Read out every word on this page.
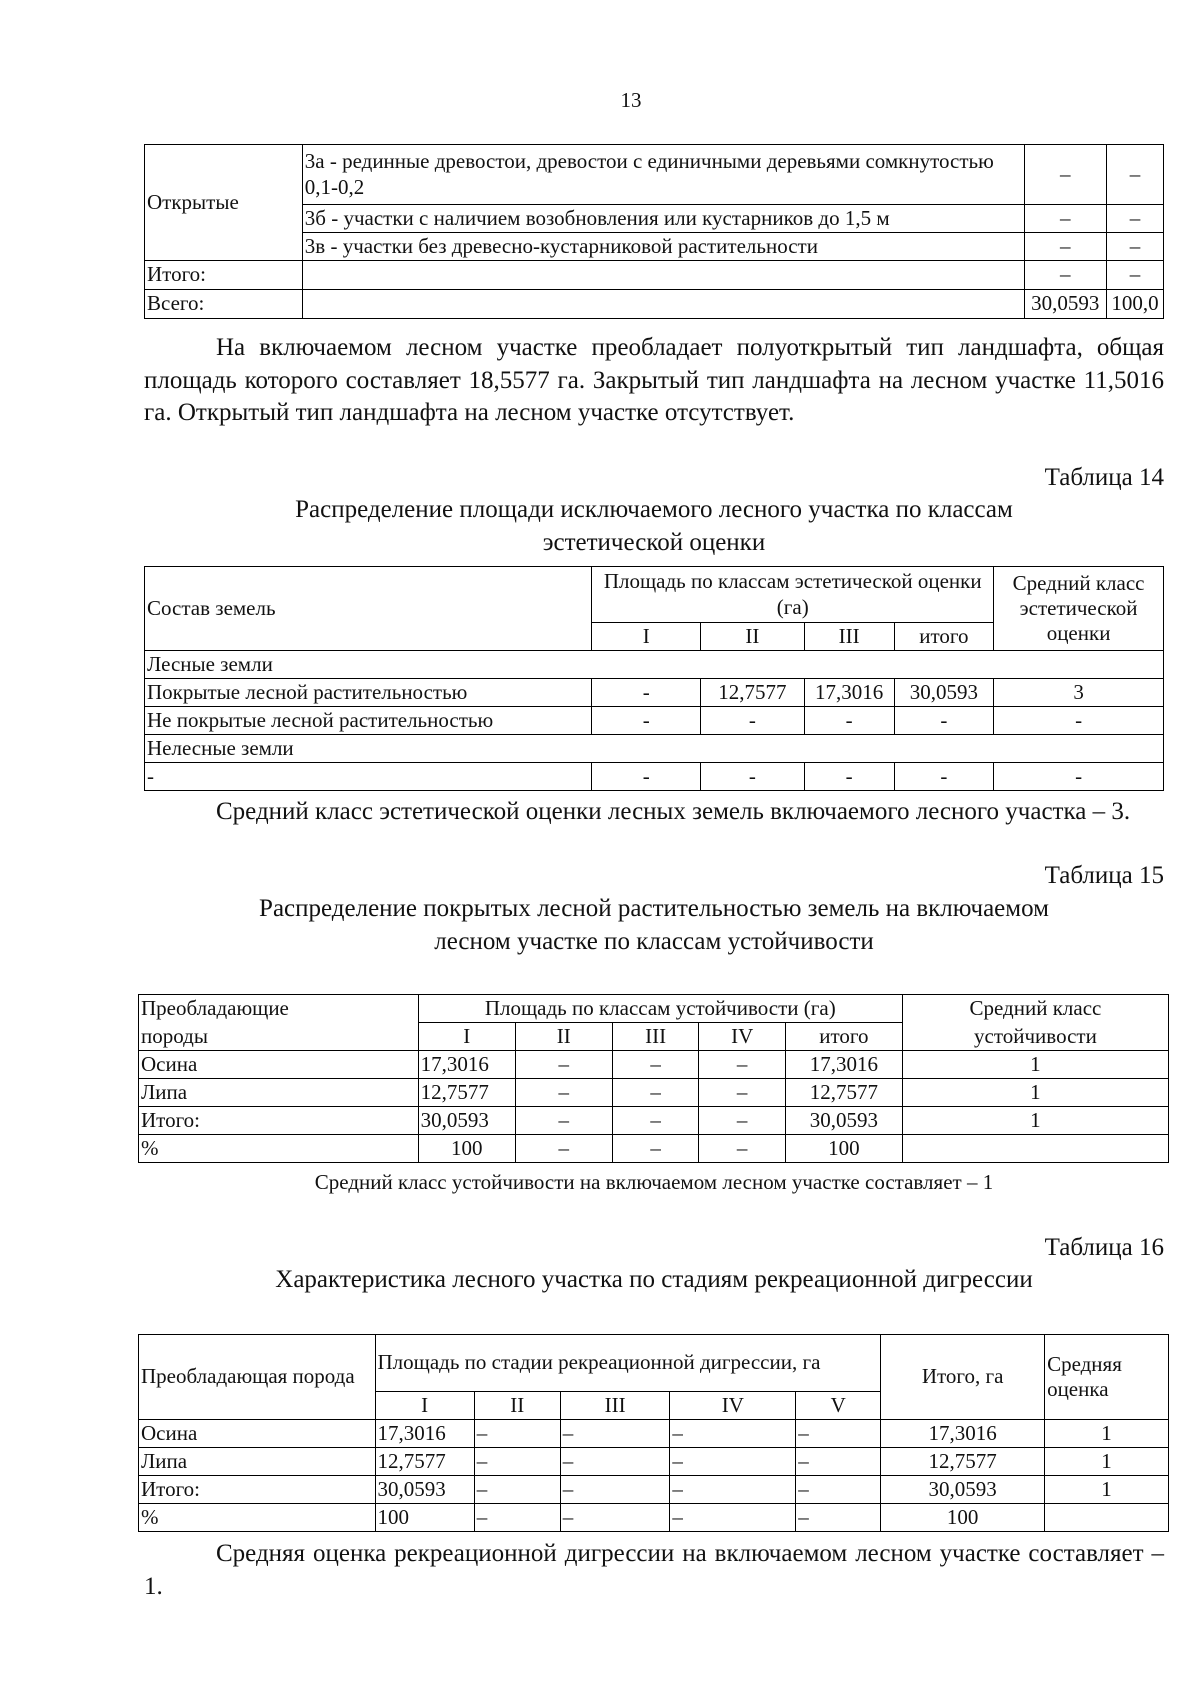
13
Открытые	3а - рединные древостои, древостои с единичными деревьями сомкнутостью 0,1-0,2	–	–
	3б - участки с наличием возобновления или кустарников до 1,5 м	–	–
	3в - участки без древесно-кустарниковой растительности	–	–
Итого:		–	–
Всего:		30,0593	100,0
На включаемом лесном участке преобладает полуоткрытый тип ландшафта, общая площадь которого составляет 18,5577 га. Закрытый тип ландшафта на лесном участке 11,5016 га. Открытый тип ландшафта на лесном участке отсутствует.
Таблица 14
Распределение площади исключаемого лесного участка по классам
эстетической оценки
Состав земель	Площадь по классам эстетической оценки (га)				Средний класс эстетической оценки
	I	II	III	итого	
Лесные земли					
Покрытые лесной растительностью	-	12,7577	17,3016	30,0593	3
Не покрытые лесной растительностью	-	-	-	-	-
Нелесные земли					
-	-	-	-	-	-
Средний класс эстетической оценки лесных земель включаемого лесного участка – 3.
Таблица 15
Распределение покрытых лесной растительностью земель на включаемом
лесном участке по классам устойчивости
Преобладающие	Площадь по классам устойчивости (га)					Средний класс
породы	I	II	III	IV	итого	устойчивости
Осина	17,3016	–	–	–	17,3016	1
Липа	12,7577	–	–	–	12,7577	1
Итого:	30,0593	–	–	–	30,0593	1
%	100	–	–	–	100	
Средний класс устойчивости на включаемом лесном участке составляет – 1
Таблица 16
Характеристика лесного участка по стадиям рекреационной дигрессии
Преобладающая порода	Площадь по стадии рекреационной дигрессии, га					Итого, га	Средняя оценка
	I	II	III	IV	V		
Осина	17,3016	–	–	–	–	17,3016	1
Липа	12,7577	–	–	–	–	12,7577	1
Итого:	30,0593	–	–	–	–	30,0593	1
%	100	–	–	–	–	100	
Средняя оценка рекреационной дигрессии на включаемом лесном участке составляет – 1.
